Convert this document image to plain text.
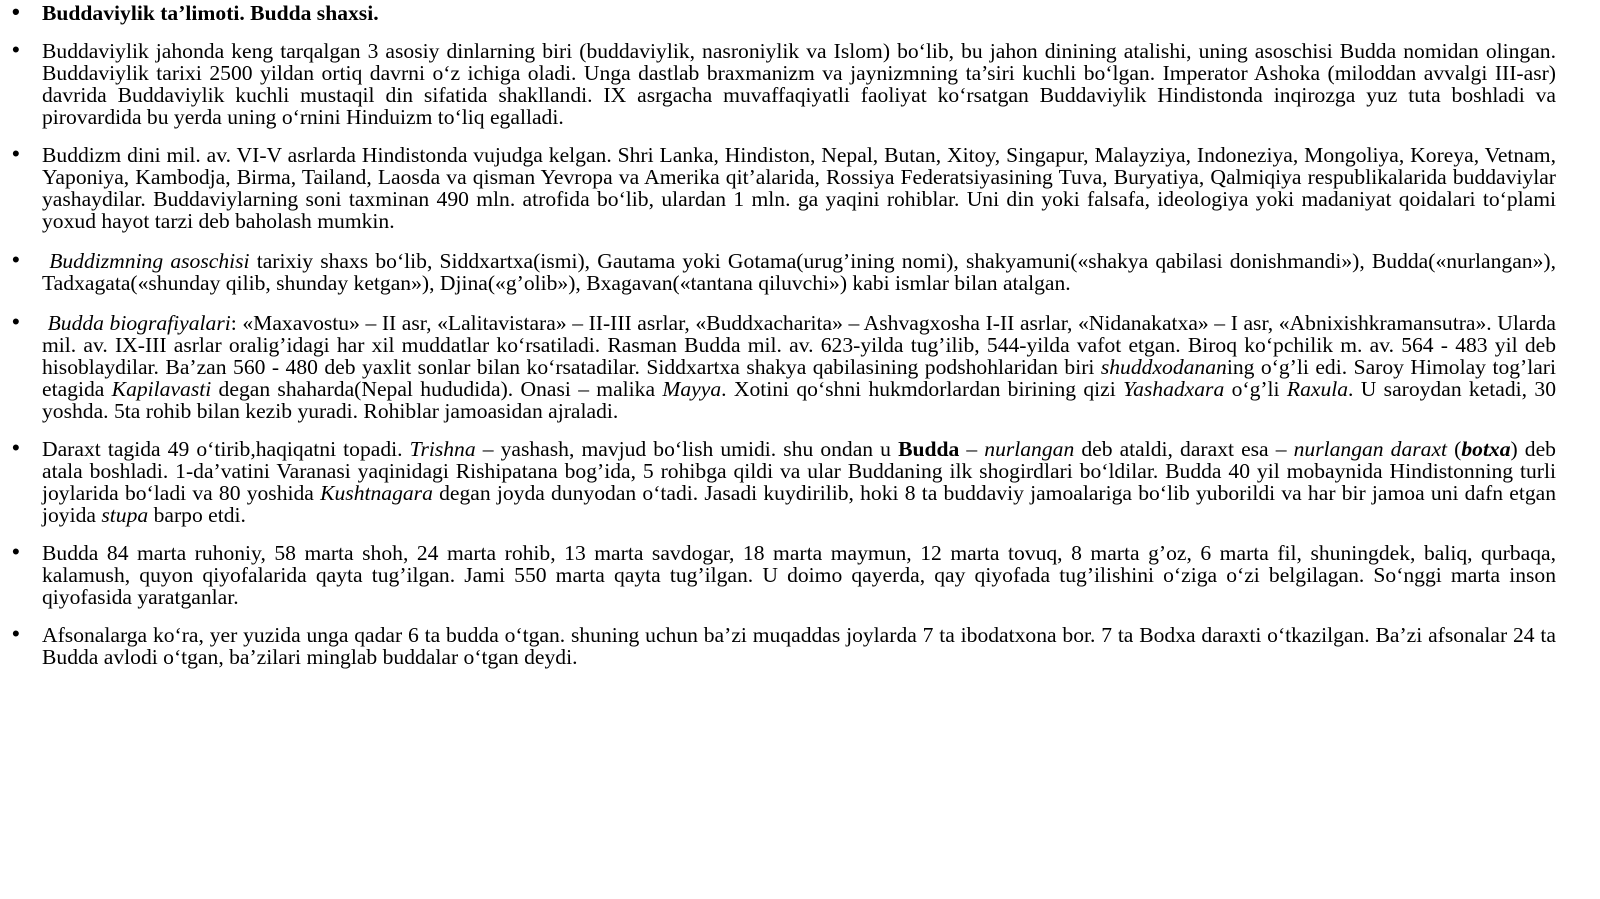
• Buddaviylik ta’limoti. Budda shaxsi.
• Buddaviylik jahonda keng tarqalgan 3 asosiy dinlarning biri (buddaviylik, nasroniylik va Islom) bo‘lib, bu jahon dinining atalishi, uning asoschisi Budda nomidan olingan. Buddaviylik tarixi 2500 yildan ortiq davrni o‘z ichiga oladi. Unga dastlab braxmanizm va jaynizmning ta’siri kuchli bo‘lgan. Imperator Ashoka (miloddan avvalgi III-asr) davrida Buddaviylik kuchli mustaqil din sifatida shakllandi. IX asrgacha muvaffaqiyatli faoliyat ko‘rsatgan Buddaviylik Hindistonda inqirozga yuz tuta boshladi va pirovardida bu yerda uning o‘rnini Hinduizm to‘liq egalladi.
• Buddizm dini mil. av. VI-V asrlarda Hindistonda vujudga kelgan. Shri Lanka, Hindiston, Nepal, Butan, Xitoy, Singapur, Malayziya, Indoneziya, Mongoliya, Koreya, Vetnam, Yaponiya, Kambodja, Birma, Tailand, Laosda va qisman Yevropa va Amerika qit’alarida, Rossiya Federatsiyasining Tuva, Buryatiya, Qalmiqiya respublikalarida buddaviylar yashaydilar. Buddaviylarning soni taxminan 490 mln. atrofida bo‘lib, ulardan 1 mln. ga yaqini rohiblar. Uni din yoki falsafa, ideologiya yoki madaniyat qoidalari to‘plami yoxud hayot tarzi deb baholash mumkin.
• Buddizmning asoschisi tarixiy shaxs bo‘lib, Siddxartxa(ismi), Gautama yoki Gotama(urug’ining nomi), shakyamuni(«shakya qabilasi donishmandi»), Budda(«nurlangan»), Tadxagata(«shunday qilib, shunday ketgan»), Djina(«g’olib»), Bxagavan(«tantana qiluvchi») kabi ismlar bilan atalgan.
• Budda biografiyalari: «Maxavostu» – II asr, «Lalitavistara» – II-III asrlar, «Buddxacharita» – Ashvagxosha I-II asrlar, «Nidanakatxa» – I asr, «Abnixishkramansutra». Ularda mil. av. IX-III asrlar oralig’idagi har xil muddatlar ko‘rsatiladi. Rasman Budda mil. av. 623-yilda tug’ilib, 544-yilda vafot etgan. Biroq ko‘pchilik m. av. 564 - 483 yil deb hisoblaydilar. Ba’zan 560 - 480 deb yaxlit sonlar bilan ko‘rsatadilar. Siddxartxa shakya qabilasining podshohlaridan biri shuddxodananing o‘g’li edi. Saroy Himolay tog’lari etagida Kapilavasti degan shaharda(Nepal hududida). Onasi – malika Mayya. Xotini qo‘shni hukmdorlardan birining qizi Yashadxara o‘g’li Raxula. U saroydan ketadi, 30 yoshda. 5ta rohib bilan kezib yuradi. Rohiblar jamoasidan ajraladi.
• Daraxt tagida 49 o‘tirib,haqiqatni topadi. Trishna – yashash, mavjud bo‘lish umidi. shu ondan u Budda – nurlangan deb ataldi, daraxt esa – nurlangan daraxt (botxa) deb atala boshladi. 1-da’vatini Varanasi yaqinidagi Rishipatana bog’ida, 5 rohibga qildi va ular Buddaning ilk shogirdlari bo‘ldilar. Budda 40 yil mobaynida Hindistonning turli joylarida bo‘ladi va 80 yoshida Kushtnagara degan joyda dunyodan o‘tadi. Jasadi kuydirilib, hoki 8 ta buddaviy jamoalariga bo‘lib yuborildi va har bir jamoa uni dafn etgan joyida stupa barpo etdi.
• Budda 84 marta ruhoniy, 58 marta shoh, 24 marta rohib, 13 marta savdogar, 18 marta maymun, 12 marta tovuq, 8 marta g’oz, 6 marta fil, shuningdek, baliq, qurbaqa, kalamush, quyon qiyofalarida qayta tug’ilgan. Jami 550 marta qayta tug’ilgan. U doimo qayerda, qay qiyofada tug’ilishini o‘ziga o‘zi belgilagan. So‘nggi marta inson qiyofasida yaratganlar.
• Afsonalarga ko‘ra, yer yuzida unga qadar 6 ta budda o‘tgan. shuning uchun ba’zi muqaddas joylarda 7 ta ibodatxona bor. 7 ta Bodxa daraxti o‘tkazilgan. Ba’zi afsonalar 24 ta Budda avlodi o‘tgan, ba’zilari minglab buddalar o‘tgan deydi.
